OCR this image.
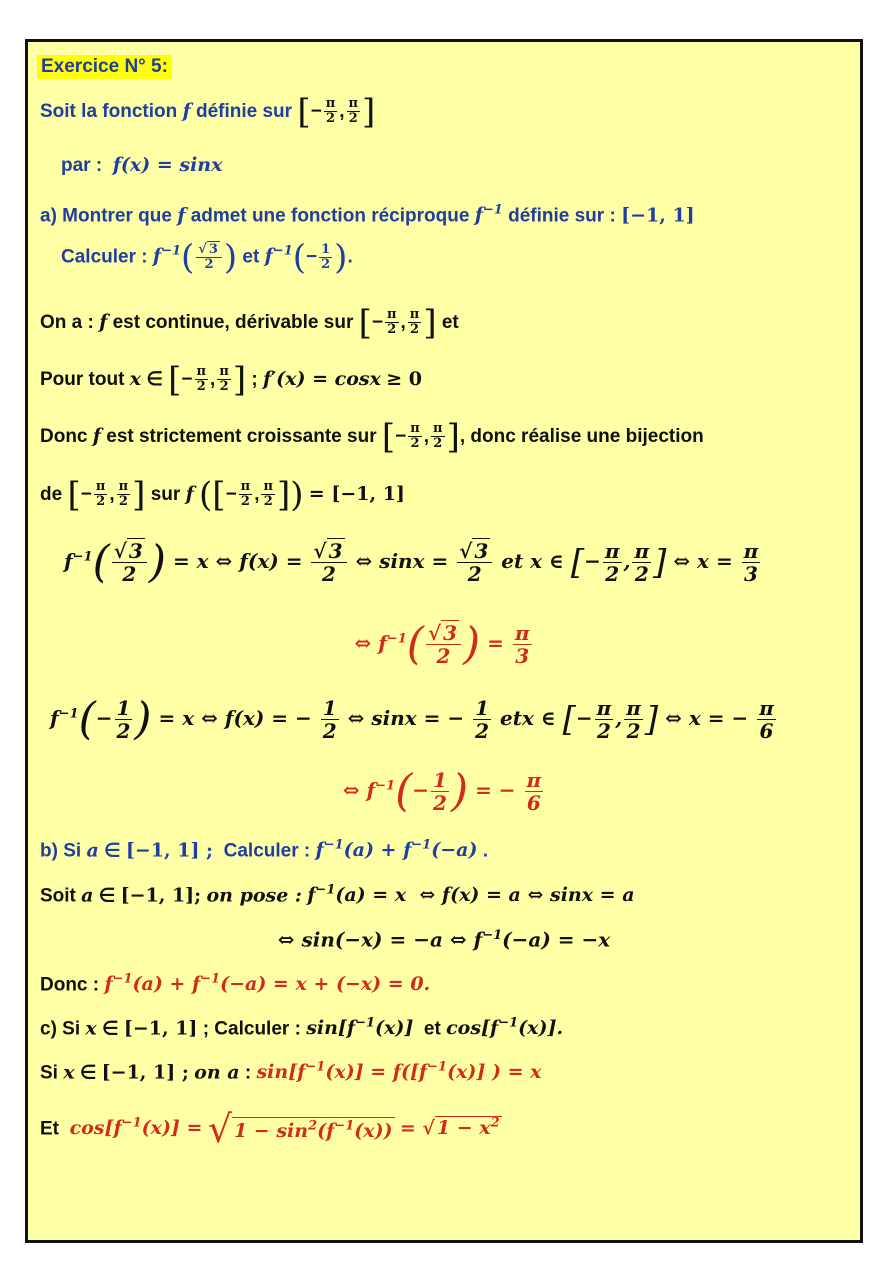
Exercice N° 5:
Soit la fonction f définie sur [− $\frac{\pi}{2}$ , $\frac{\pi}{2}$ ]
par : f(x) = sinx
a) Montrer que f admet une fonction réciproque $f^{-1}$ définie sur : [−1, 1]
Calculer : $f^{-1}( \frac{√ 3}{2}$ ) et $f^{-1}(- \frac{1}{2}$ ).
On a : f est continue, dérivable sur [− $\frac{\pi}{2}$ , $\frac{\pi}{2}$ ] et
Pour tout x ∈ [− $\frac{\pi}{2}$ , $\frac{\pi}{2}$ ] ; f′(x) = cosx ≥ 0
Donc f est strictement croissante sur [− $\frac{\pi}{2}$ , $\frac{\pi}{2}$ ], donc réalise une bijection
de [− $\frac{\pi}{2}$ , $\frac{\pi}{2}$ ] sur f ([− $\frac{\pi}{2}$ , $\frac{\pi}{2}$ ]) = [−1, 1]
$f^{-1}( \frac{√ 3}{2}$ ) = x ⇔ $f(x) = \frac{√ 3}{2}$ ⇔ $\sin x = \frac{√ 3}{2}$ et x ∈ [− $\frac{\pi}{2}$ , $\frac{\pi}{2}$ ] ⇔ $x = \frac{\pi}{3}$
⇔ $f^{-1}( \frac{√ 3}{2}$ ) = $\frac{\pi}{3}$
$f^{-1}(- \frac{1}{2}$ ) = x ⇔ f(x) = − $\frac{1}{2}$ ⇔ sinx = − $\frac{1}{2}$ etx ∈ [− $\frac{\pi}{2}$ , $\frac{\pi}{2}$ ] ⇔ x = − $\frac{\pi}{6}$
⇔ $f^{-1}(- \frac{1}{2}$ ) = − $\frac{\pi}{6}$
b) Si a ∈ [−1, 1] ; Calculer : $f^{-1}(a) + f^{-1}(-a)$ .
Soit a ∈ [−1, 1]; on pose : $f^{-1}(a) = x$  ⇔ f(x) = a ⇔ sinx = a
⇔ sin(−x) = −a ⇔ $f^{-1}(-a) = -x$
Donc : $f^{-1}(a) + f^{-1}(-a) = x + (-x) = 0$.
c) Si x ∈ [−1, 1] ; Calculer : $\sin[f^{-1}(x)]$ et $\cos[f^{-1}(x)]$.
Si x ∈ [−1, 1] ; on a : $\sin[f^{-1}(x)] = f([f^{-1}(x)]$ ) = x
Et $\cos[f^{-1}(x)]$ = √ $1 - \sin^2(f^{-1}(x))$ = √ $1 - x^2$
